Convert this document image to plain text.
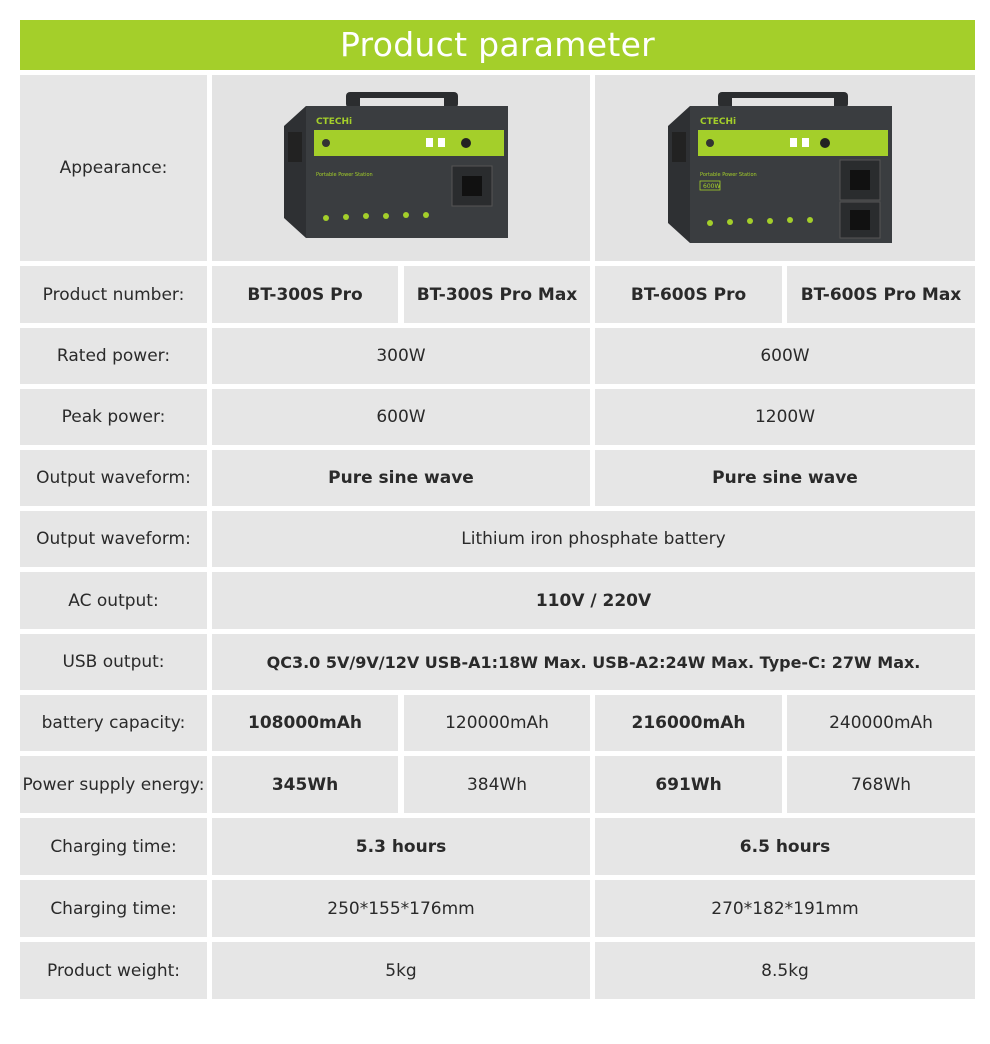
Product parameter
Appearance:
CTECHi
Portable Power Station
CTECHi
Portable Power Station
600W
Product number:	BT-300S Pro	BT-300S Pro Max	BT-600S Pro	BT-600S Pro Max
Rated power:	300W	600W
Peak power:	600W	1200W
Output waveform:	Pure sine wave	Pure sine wave
Output waveform:	Lithium iron phosphate battery
AC output:	110V / 220V
USB output:	QC3.0 5V/9V/12V USB-A1:18W Max. USB-A2:24W Max. Type-C: 27W Max.
battery capacity:	108000mAh	120000mAh	216000mAh	240000mAh
Power supply energy:	345Wh	384Wh	691Wh	768Wh
Charging time:	5.3 hours	6.5 hours
Charging time:	250*155*176mm	270*182*191mm
Product weight:	5kg	8.5kg
